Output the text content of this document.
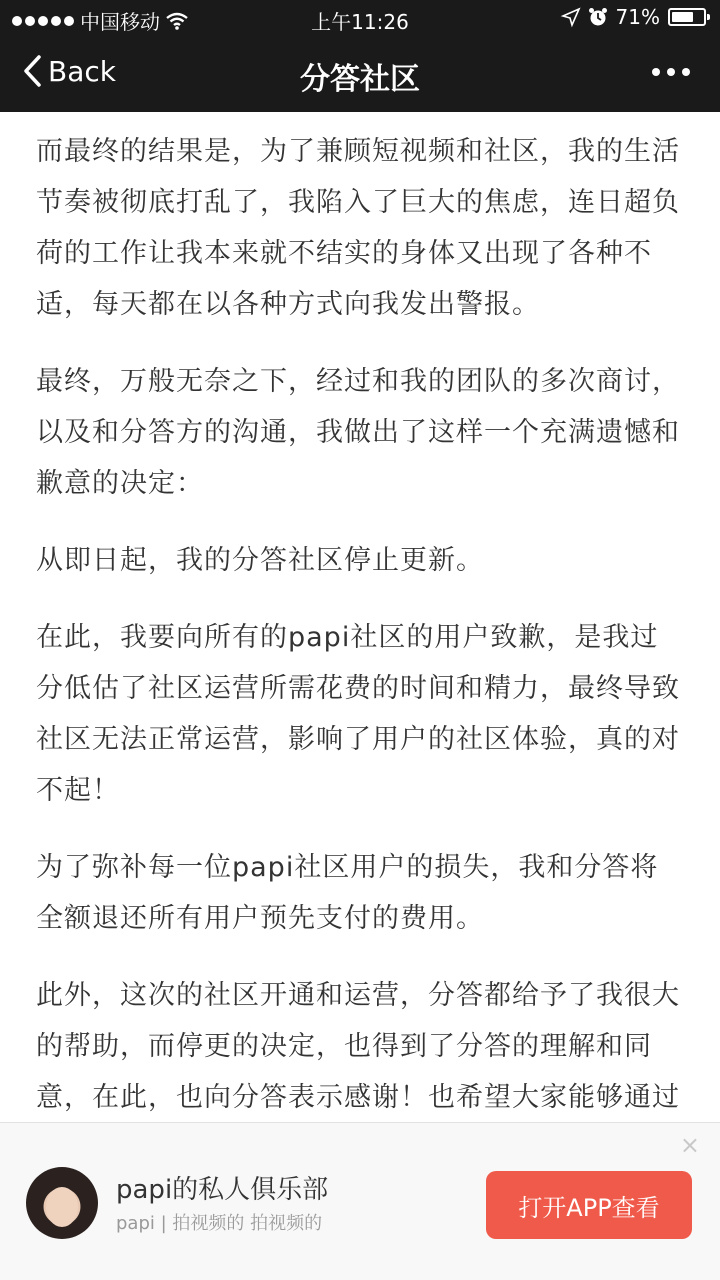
中国移动	上午11:26	71%
Back	分答社区

而最终的结果是，为了兼顾短视频和社区，我的生活节奏被彻底打乱了，我陷入了巨大的焦虑，连日超负荷的工作让我本来就不结实的身体又出现了各种不适，每天都在以各种方式向我发出警报。

最终，万般无奈之下，经过和我的团队的多次商讨，以及和分答方的沟通，我做出了这样一个充满遗憾和歉意的决定：

从即日起，我的分答社区停止更新。

在此，我要向所有的papi社区的用户致歉，是我过分低估了社区运营所需花费的时间和精力，最终导致社区无法正常运营，影响了用户的社区体验，真的对不起！

为了弥补每一位papi社区用户的损失，我和分答将全额退还所有用户预先支付的费用。

此外，这次的社区开通和运营，分答都给予了我很大的帮助，而停更的决定，也得到了分答的理解和同意，在此，也向分答表示感谢！也希望大家能够通过

×
papi的私人俱乐部
papi | 拍视频的 拍视频的
打开APP查看
